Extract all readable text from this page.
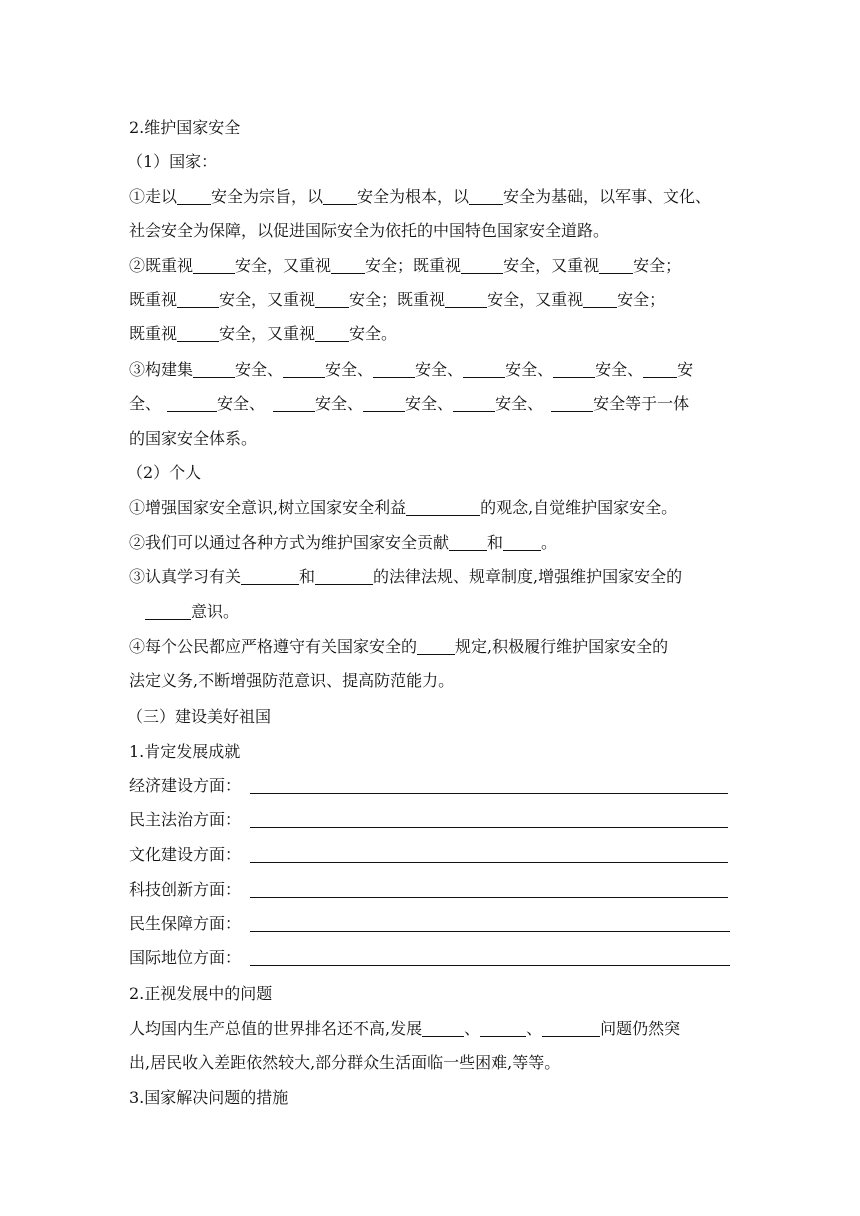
2.维护国家安全
（1）国家：
①走以 安全为宗旨，以 安全为根本，以 安全为基础，以军事、文化、
社会安全为保障，以促进国际安全为依托的中国特色国家安全道路。
②既重视	安全，又重视 安全；既重视	安全，又重视 安全；
既重视	安全，又重视 安全；既重视	安全，又重视 安全；
既重视	安全，又重视 安全。
③构建集	安全、	安全、	安全、	安全、	安全、 安
全、	安全、	安全、	安全、	安全、	安全等于一体
的国家安全体系。
（2）个人
①增强国家安全意识,树立国家安全利益	的观念,自觉维护国家安全。
②我们可以通过各种方式为维护国家安全贡献 和 。
③认真学习有关	和	的法律法规、规章制度,增强维护国家安全的
意识。
④每个公民都应严格遵守有关国家安全的 规定,积极履行维护国家安全的
法定义务,不断增强防范意识、提高防范能力。
（三）建设美好祖国
1.肯定发展成就
经济建设方面：
民主法治方面：
文化建设方面：
科技创新方面：
民生保障方面：
国际地位方面：
2.正视发展中的问题
人均国内生产总值的世界排名还不高,发展	、	、	问题仍然突
出,居民收入差距依然较大,部分群众生活面临一些困难,等等。
3.国家解决问题的措施
